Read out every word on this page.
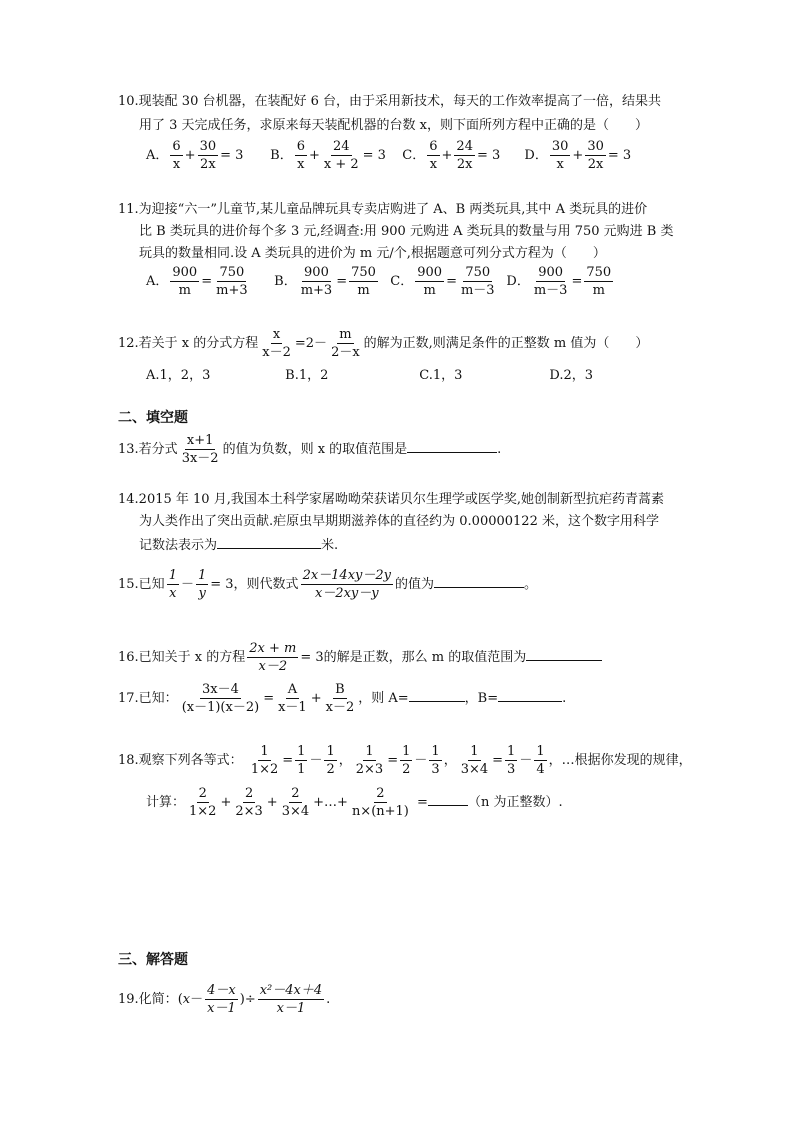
10.现装配 30 台机器，在装配好 6 台，由于采用新技术，每天的工作效率提高了一倍，结果共
用了 3 天完成任务，求原来每天装配机器的台数 x，则下面所列方程中正确的是（　　）
A． $\frac{6}{x} + \frac{30}{2x} = 3$ B． $\frac{6}{x} + \frac{24}{x + 2} = 3$ C． $\frac{6}{x} + \frac{24}{2x} = 3$ D． $\frac{30}{x} + \frac{30}{2x} = 3$
11.为迎接“六一”儿童节,某儿童品牌玩具专卖店购进了 A、B 两类玩具,其中 A 类玩具的进价
比 B 类玩具的进价每个多 3 元,经调查:用 900 元购进 A 类玩具的数量与用 750 元购进 B 类
玩具的数量相同.设 A 类玩具的进价为 m 元/个,根据题意可列分式方程为（　　）
A． $\frac{900}{m} = \frac{750}{m+3}$ B． $\frac{900}{m+3} = \frac{750}{m}$ C． $\frac{900}{m} = \frac{750}{m-3}$ D． $\frac{900}{m-3} = \frac{750}{m}$
12.若关于 x 的分式方程 $\frac{x}{x-2} =2- \frac{m}{2-x}$ 的解为正数,则满足条件的正整数 m 值为（　　）
A.1，2，3	B.1，2	C.1，3	D.2，3
二、填空题
13.若分式 $\frac{x+1}{3x-2}$ 的值为负数，则 x 的取值范围是	.
14.2015 年 10 月,我国本土科学家屠呦呦荣获诺贝尔生理学或医学奖,她创制新型抗疟药青蒿素
为人类作出了突出贡献.疟原虫早期期滋养体的直径约为 0.00000122 米，这个数字用科学
记数法表示为	米.
15.已知 $\frac{1}{x} - \frac{1}{y} = 3$，则代数式 $\frac{2x-14xy-2y}{x-2xy-y}$ 的值为	。
16.已知关于 x 的方程 $\frac{2x + m}{x-2} = 3$的解是正数，那么 m 的取值范围为
17.已知： $\frac{3x-4}{(x-1)(x-2)} = \frac{A}{x-1} + \frac{B}{x-2}$ ，则 A=	，B=	.
18.观察下列各等式： $\frac{1}{1\times 2} = \frac{1}{1} - \frac{1}{2}$ ， $\frac{1}{2\times 3} = \frac{1}{2} - \frac{1}{3}$ ， $\frac{1}{3\times 4} = \frac{1}{3} - \frac{1}{4}$ ，…根据你发现的规律，
计算： $\frac{2}{1\times 2} + \frac{2}{2\times 3} + \frac{2}{3\times 4}$ +…+ $\frac{2}{n\times(n+1)}$ =	（n 为正整数）.
三、解答题
19.化简：($x- \frac{4-x}{x-1}$ )÷ $\frac{\text{x²－4x＋4}}{x-1}$ .
